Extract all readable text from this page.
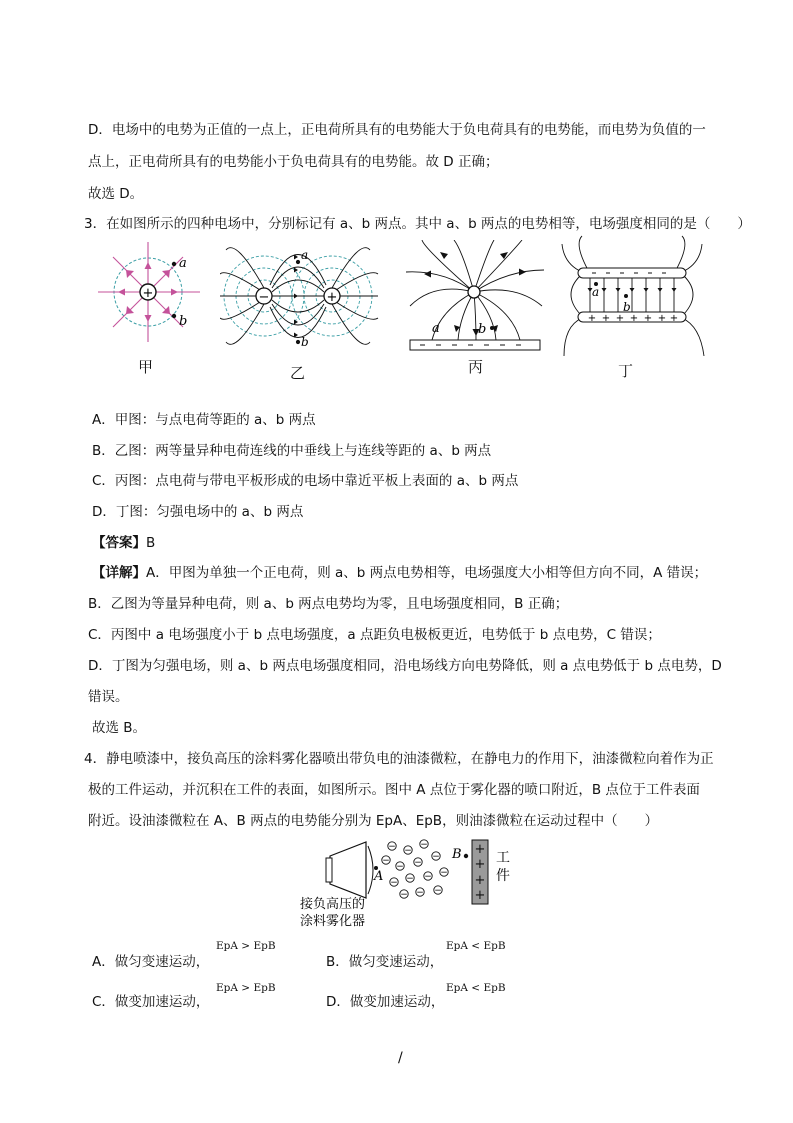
D．电场中的电势为正值的一点上，正电荷所具有的电势能大于负电荷具有的电势能，而电势为负值的一
点上，正电荷所具有的电势能小于负电荷具有的电势能。故 D 正确；
故选 D。
3．在如图所示的四种电场中，分别标记有 a、b 两点。其中 a、b 两点的电势相等，电场强度相同的是（　　）
+
a
b
甲
−	+
a
b
乙
a	b
丙
+ + + + + + +
a
b
丁
A．甲图：与点电荷等距的 a、b 两点
B．乙图：两等量异种电荷连线的中垂线上与连线等距的 a、b 两点
C．丙图：点电荷与带电平板形成的电场中靠近平板上表面的 a、b 两点
D．丁图：匀强电场中的 a、b 两点
【答案】B
【详解】A．甲图为单独一个正电荷，则 a、b 两点电势相等，电场强度大小相等但方向不同，A 错误；
B．乙图为等量异种电荷，则 a、b 两点电势均为零，且电场强度相同，B 正确；
C．丙图中 a 电场强度小于 b 点电场强度，a 点距负电极板更近，电势低于 b 点电势，C 错误；
D．丁图为匀强电场，则 a、b 两点电场强度相同，沿电场线方向电势降低，则 a 点电势低于 b 点电势，D
错误。
故选 B。
4．静电喷漆中，接负高压的涂料雾化器喷出带负电的油漆微粒，在静电力的作用下，油漆微粒向着作为正
极的工件运动，并沉积在工件的表面，如图所示。图中 A 点位于雾化器的喷口附近，B 点位于工件表面
附近。设油漆微粒在 A、B 两点的电势能分别为 EpA、EpB，则油漆微粒在运动过程中（　　）
− −
−
−
− −
−
− − − −
− − −
A
B +
+
+
+
工
件
接负高压的
涂料雾化器
A．做匀变速运动，
EpA > EpB
B．做匀变速运动，
EpA < EpB
C．做变加速运动，
EpA > EpB
D．做变加速运动，
EpA < EpB
/
